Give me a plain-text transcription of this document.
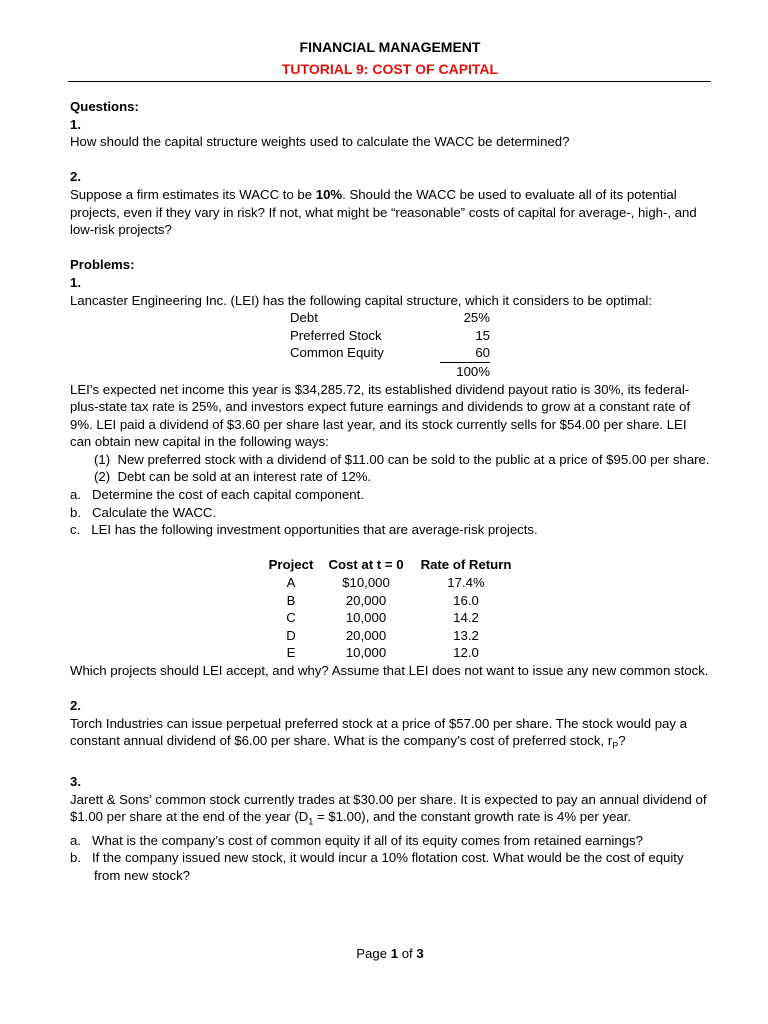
FINANCIAL MANAGEMENT
TUTORIAL 9: COST OF CAPITAL

Questions:

1.

How should the capital structure weights used to calculate the WACC be determined?

2.

Suppose a firm estimates its WACC to be 10%. Should the WACC be used to evaluate all of its potential projects, even if they vary in risk? If not, what might be “reasonable” costs of capital for average-, high-, and low-risk projects?

Problems:

1.

Lancaster Engineering Inc. (LEI) has the following capital structure, which it considers to be optimal:

Debt	25%
Preferred Stock	15
Common Equity	60
100%

LEI’s expected net income this year is $34,285.72, its established dividend payout ratio is 30%, its federal-plus-state tax rate is 25%, and investors expect future earnings and dividends to grow at a constant rate of 9%. LEI paid a dividend of $3.60 per share last year, and its stock currently sells for $54.00 per share. LEI can obtain new capital in the following ways:

(1) New preferred stock with a dividend of $11.00 can be sold to the public at a price of $95.00 per share.

(2) Debt can be sold at an interest rate of 12%.

a. Determine the cost of each capital component.

b. Calculate the WACC.

c. LEI has the following investment opportunities that are average-risk projects.

Project	Cost at t = 0	Rate of Return
A	$10,000	17.4%
B	20,000	16.0
C	10,000	14.2
D	20,000	13.2
E	10,000	12.0

Which projects should LEI accept, and why? Assume that LEI does not want to issue any new common stock.

2.

Torch Industries can issue perpetual preferred stock at a price of $57.00 per share. The stock would pay a constant annual dividend of $6.00 per share. What is the company’s cost of preferred stock, $r_P$?

3.

Jarett & Sons’ common stock currently trades at $30.00 per share. It is expected to pay an annual dividend of $1.00 per share at the end of the year ($D_1$ = $1.00), and the constant growth rate is 4% per year.

a. What is the company’s cost of common equity if all of its equity comes from retained earnings?

b. If the company issued new stock, it would incur a 10% flotation cost. What would be the cost of equity from new stock?

Page 1 of 3
